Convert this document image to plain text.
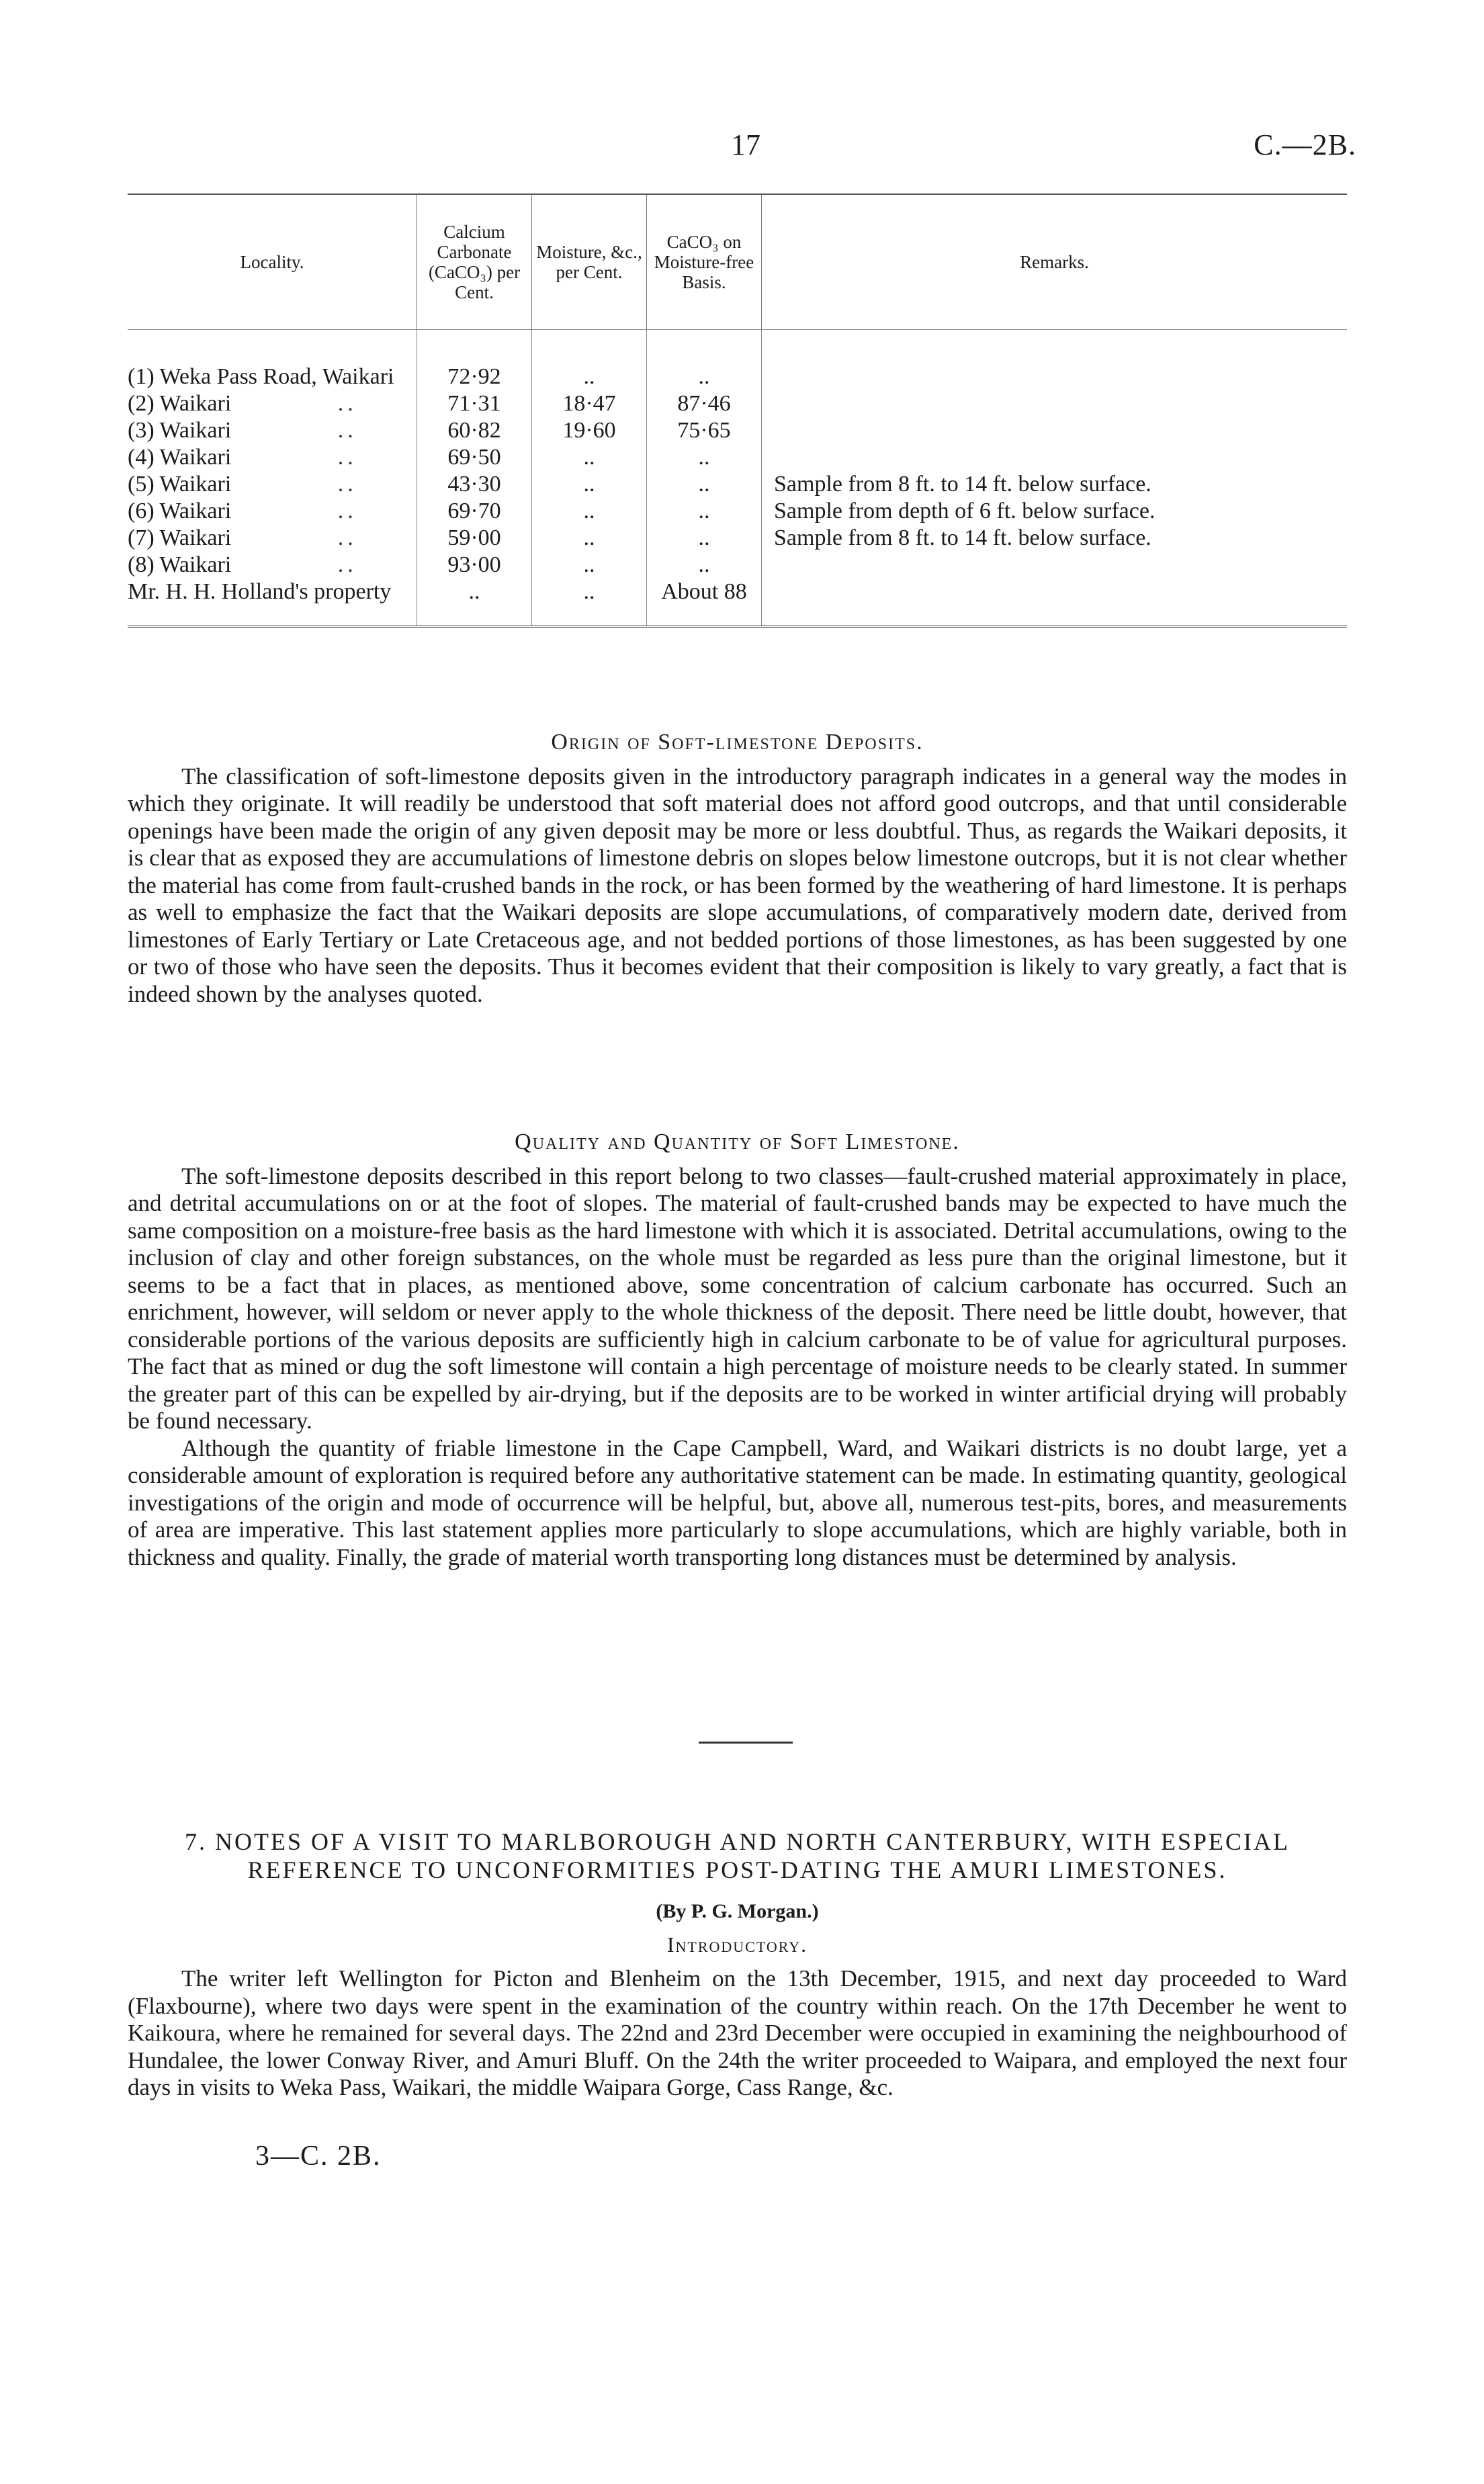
17	C.—2B.
Locality.	Calcium Carbonate (CaCO₃) per Cent.	Moisture, &c., per Cent.	CaCO₃ on Moisture-free Basis.	Remarks.
(1) Weka Pass Road, Waikari	72·92	..	..	
(2) Waikari ..	71·31	18·47	87·46	
(3) Waikari ..	60·82	19·60	75·65	
(4) Waikari ..	69·50	..	..	
(5) Waikari ..	43·30	..	..	Sample from 8 ft. to 14 ft. below surface.
(6) Waikari ..	69·70	..	..	Sample from depth of 6 ft. below surface.
(7) Waikari ..	59·00	..	..	Sample from 8 ft. to 14 ft. below surface.
(8) Waikari ..	93·00	..	..	
Mr. H. H. Holland's property	..	..	About 88	
Origin of Soft-limestone Deposits.

The classification of soft-limestone deposits given in the introductory paragraph indicates in a general way the modes in which they originate. It will readily be understood that soft material does not afford good outcrops, and that until considerable openings have been made the origin of any given deposit may be more or less doubtful. Thus, as regards the Waikari deposits, it is clear that as exposed they are accumulations of limestone debris on slopes below limestone outcrops, but it is not clear whether the material has come from fault-crushed bands in the rock, or has been formed by the weathering of hard limestone. It is perhaps as well to emphasize the fact that the Waikari deposits are slope accumulations, of comparatively modern date, derived from limestones of Early Tertiary or Late Cretaceous age, and not bedded portions of those limestones, as has been suggested by one or two of those who have seen the deposits. Thus it becomes evident that their composition is likely to vary greatly, a fact that is indeed shown by the analyses quoted.

Quality and Quantity of Soft Limestone.

The soft-limestone deposits described in this report belong to two classes—fault-crushed material approximately in place, and detrital accumulations on or at the foot of slopes. The material of fault-crushed bands may be expected to have much the same composition on a moisture-free basis as the hard limestone with which it is associated. Detrital accumulations, owing to the inclusion of clay and other foreign substances, on the whole must be regarded as less pure than the original limestone, but it seems to be a fact that in places, as mentioned above, some concentration of calcium carbonate has occurred. Such an enrichment, however, will seldom or never apply to the whole thickness of the deposit. There need be little doubt, however, that considerable portions of the various deposits are sufficiently high in calcium carbonate to be of value for agricultural purposes. The fact that as mined or dug the soft limestone will contain a high percentage of moisture needs to be clearly stated. In summer the greater part of this can be expelled by air-drying, but if the deposits are to be worked in winter artificial drying will probably be found necessary.

Although the quantity of friable limestone in the Cape Campbell, Ward, and Waikari districts is no doubt large, yet a considerable amount of exploration is required before any authoritative statement can be made. In estimating quantity, geological investigations of the origin and mode of occurrence will be helpful, but, above all, numerous test-pits, bores, and measurements of area are imperative. This last statement applies more particularly to slope accumulations, which are highly variable, both in thickness and quality. Finally, the grade of material worth transporting long distances must be determined by analysis.

7. NOTES OF A VISIT TO MARLBOROUGH AND NORTH CANTERBURY, WITH ESPECIAL
REFERENCE TO UNCONFORMITIES POST-DATING THE AMURI LIMESTONES.
(By P. G. Morgan.)
Introductory.

The writer left Wellington for Picton and Blenheim on the 13th December, 1915, and next day proceeded to Ward (Flaxbourne), where two days were spent in the examination of the country within reach. On the 17th December he went to Kaikoura, where he remained for several days. The 22nd and 23rd December were occupied in examining the neighbourhood of Hundalee, the lower Conway River, and Amuri Bluff. On the 24th the writer proceeded to Waipara, and employed the next four days in visits to Weka Pass, Waikari, the middle Waipara Gorge, Cass Range, &c.

3—C. 2B.
